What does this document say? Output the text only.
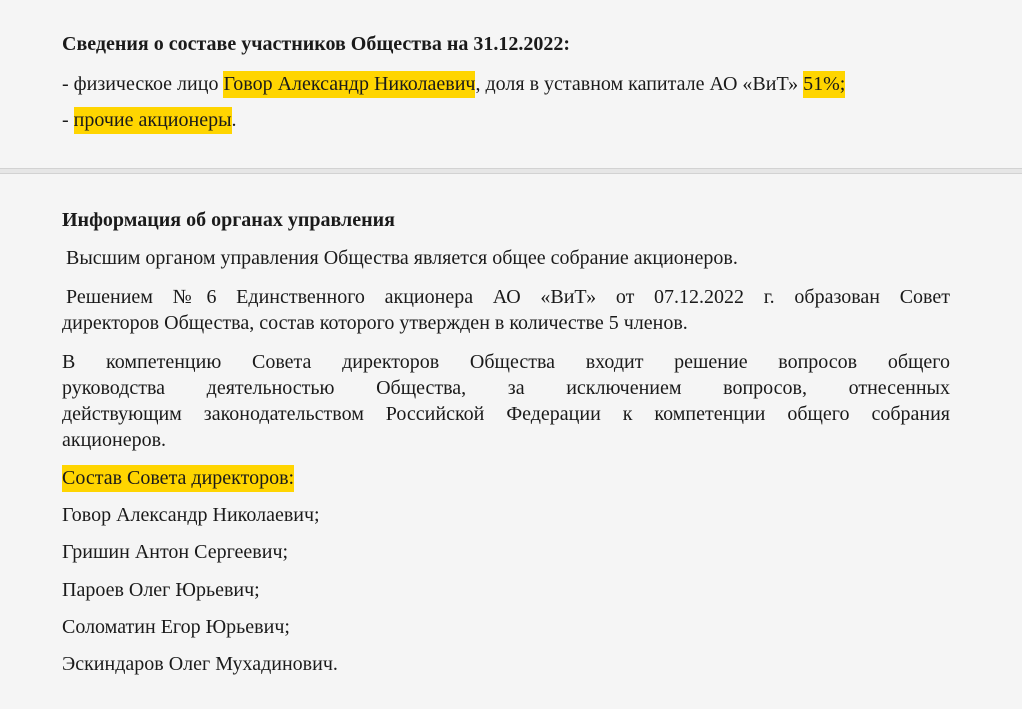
Сведения о составе участников Общества на 31.12.2022:
- физическое лицо Говор Александр Николаевич, доля в уставном капитале АО «ВиТ» 51%;
- прочие акционеры.
Информация об органах управления
Высшим органом управления Общества является общее собрание акционеров.
Решением №6 Единственного акционера АО «ВиТ» от 07.12.2022 г. образован Совет
директоров Общества, состав которого утвержден в количестве 5 членов.
В компетенцию Совета директоров Общества входит решение вопросов общего
руководства деятельностью Общества, за исключением вопросов, отнесенных
действующим законодательством Российской Федерации к компетенции общего собрания
акционеров.
Состав Совета директоров:
Говор Александр Николаевич;
Гришин Антон Сергеевич;
Пароев Олег Юрьевич;
Соломатин Егор Юрьевич;
Эскиндаров Олег Мухадинович.
